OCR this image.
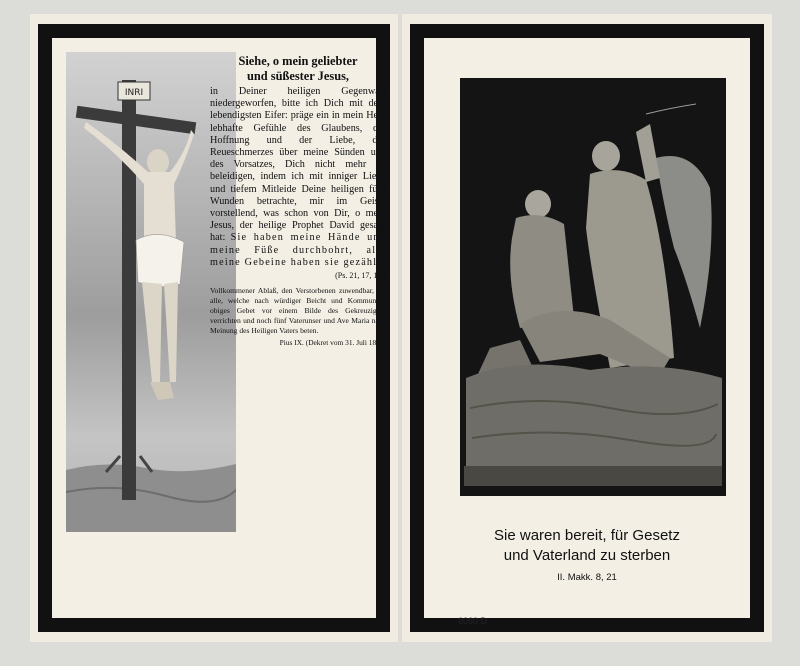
INRI

Siehe, o mein geliebter
und süßester Jesus,

in Deiner heiligen Gegenwart niedergeworfen, bitte ich Dich mit dem lebendigsten Eifer: präge ein in mein Herz lebhafte Gefühle des Glaubens, der Hoffnung und der Liebe, des Reueschmerzes über meine Sünden und des Vorsatzes, Dich nicht mehr zu beleidigen, indem ich mit inniger Liebe und tiefem Mitleide Deine heiligen fünf Wunden betrachte, mir im Geiste vorstellend, was schon von Dir, o mein Jesus, der heilige Prophet David gesagt hat: Sie haben meine Hände und meine Füße durchbohrt, alle meine Gebeine haben sie gezählt.

(Ps. 21, 17, 18.)

Vollkommener Ablaß, den Verstorbenen zuwendbar, für alle, welche nach würdiger Beicht und Kommunion obiges Gebet vor einem Bilde des Gekreuzigten verrichten und noch fünf Vaterunser und Ave Maria nach Meinung des Heiligen Vaters beten.

Pius IX. (Dekret vom 31. Juli 1858)
Sie waren bereit, für Gesetz
und Vaterland zu sterben
II. Makk. 8, 21
6060 D
